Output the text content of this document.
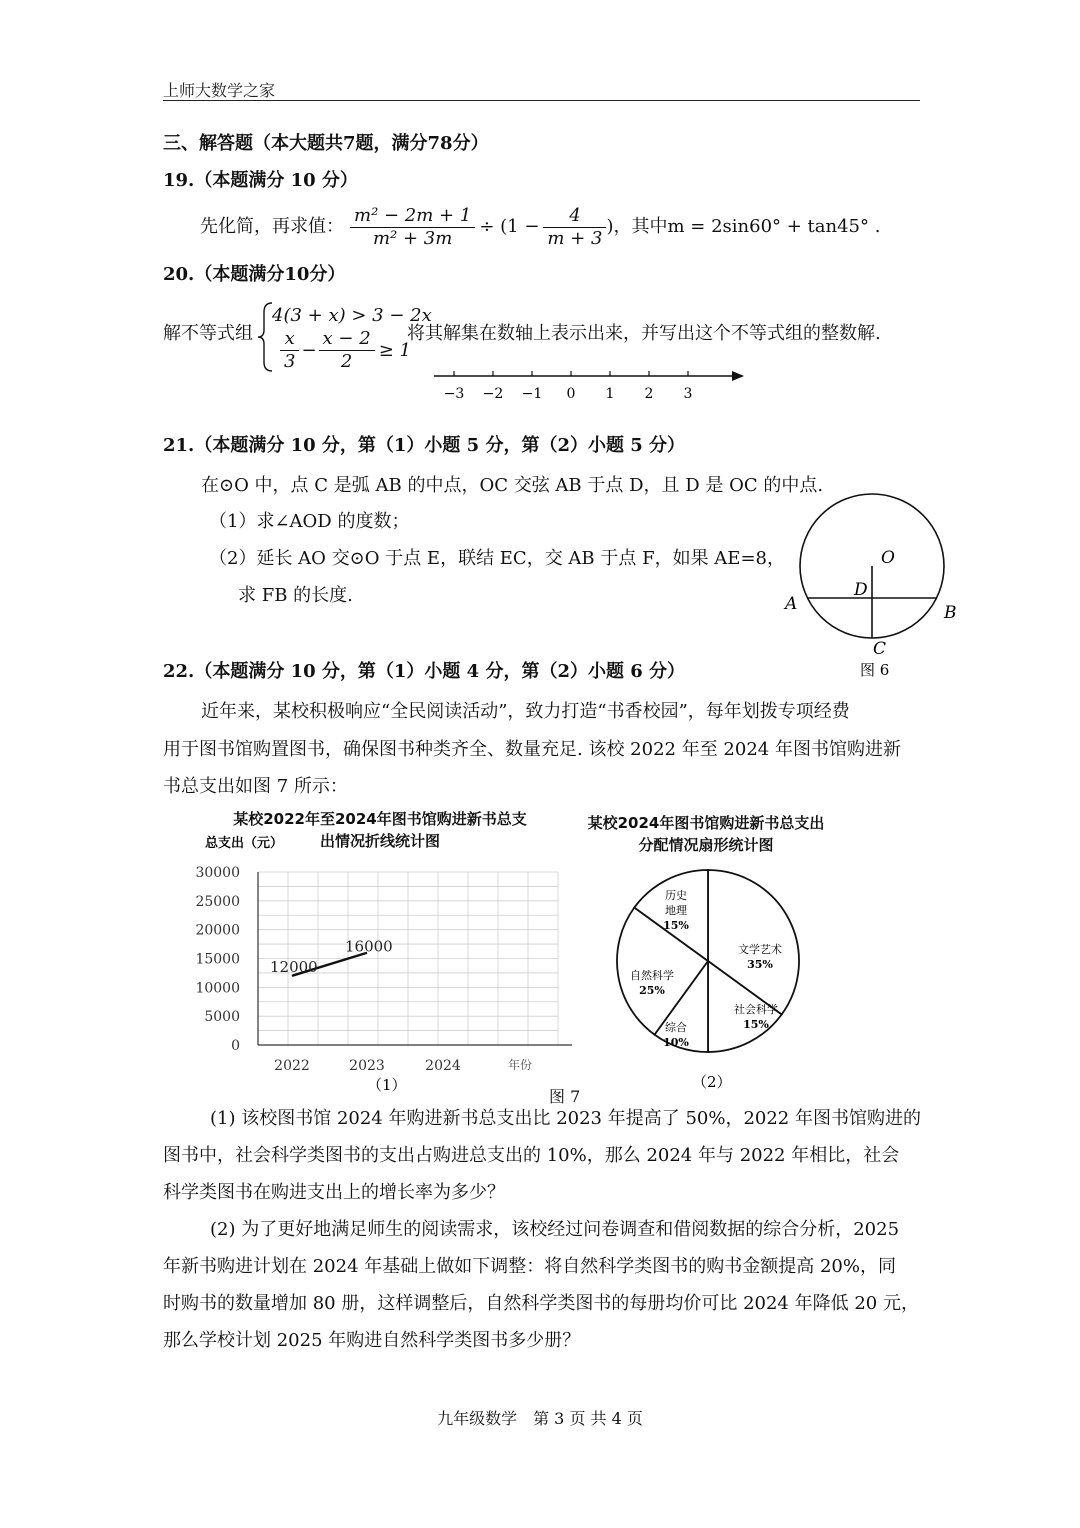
上师大数学之家
三、解答题（本大题共7题，满分78分）
19.（本题满分 10 分）
先化简，再求值： $\frac{\text{m² − 2m + 1}}{\text{m² + 3m}} \div (1 - \frac{4}{m + 3}$ ) ，其中m = 2sin60° + tan45° .
20.（本题满分10分）
解不等式组
4(3 + x) > 3 − 2x
$\frac{x}{3} - \frac{x - 2}{2} \ge 1$
将其解集在数轴上表示出来，并写出这个不等式组的整数解.
−3 −2 −1 0 1 2 3
21.（本题满分 10 分，第（1）小题 5 分，第（2）小题 5 分）
在⊙O 中，点 C 是弧 AB 的中点，OC 交弦 AB 于点 D，且 D 是 OC 的中点.
（1）求∠AOD 的度数；
（2）延长 AO 交⊙O 于点 E，联结 EC，交 AB 于点 F，如果 AE=8，
求 FB 的长度.
O
D
A	B
C
图 6
22.（本题满分 10 分，第（1）小题 4 分，第（2）小题 6 分）
近年来，某校积极响应“全民阅读活动”，致力打造“书香校园”，每年划拨专项经费
用于图书馆购置图书，确保图书种类齐全、数量充足. 该校 2022 年至 2024 年图书馆购进新
书总支出如图 7 所示：
某校2022年至2024年图书馆购进新书总支
出情况折线统计图
总支出（元）
0
5000
10000
15000
20000
25000
30000
2022	2023	2024
12000
16000
年份
（1）
图 7
某校2024年图书馆购进新书总支出
分配情况扇形统计图
文学艺术
35%
社会科学
15%
综合
10%
自然科学
25%
历史
地理
15%
（2）
(1) 该校图书馆 2024 年购进新书总支出比 2023 年提高了 50%，2022 年图书馆购进的
图书中，社会科学类图书的支出占购进总支出的 10%，那么 2024 年与 2022 年相比，社会
科学类图书在购进支出上的增长率为多少？
(2) 为了更好地满足师生的阅读需求，该校经过问卷调查和借阅数据的综合分析，2025
年新书购进计划在 2024 年基础上做如下调整：将自然科学类图书的购书金额提高 20%，同
时购书的数量增加 80 册，这样调整后，自然科学类图书的每册均价可比 2024 年降低 20 元，
那么学校计划 2025 年购进自然科学类图书多少册？
九年级数学　第 3 页 共 4 页
